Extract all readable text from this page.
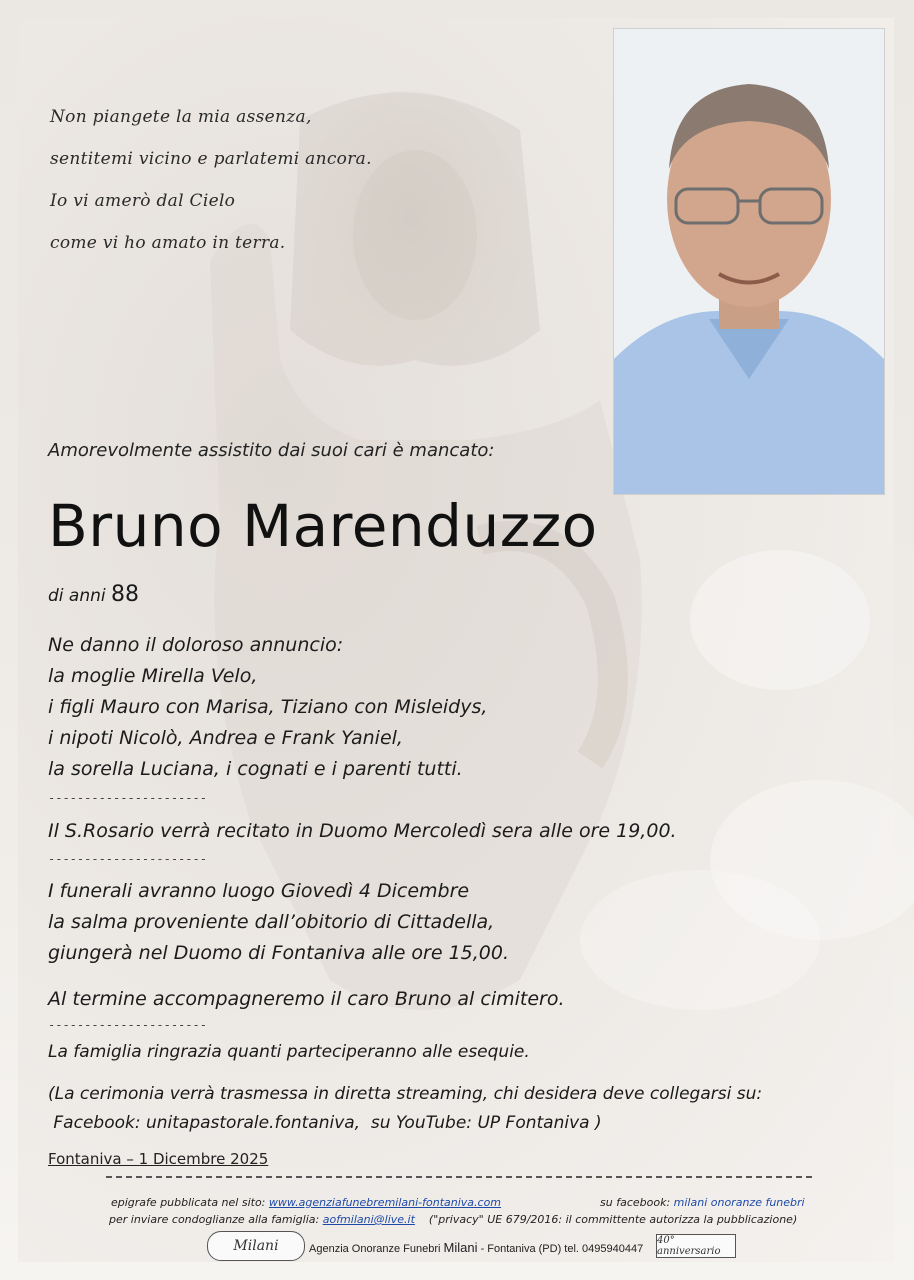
Non piangete la mia assenza,
sentitemi vicino e parlatemi ancora.
Io vi amerò dal Cielo
come vi ho amato in terra.
Amorevolmente assistito dai suoi cari è mancato:
Bruno Marenduzzo
di anni 88
Ne danno il doloroso annuncio:
la moglie Mirella Velo,
i figli Mauro con Marisa, Tiziano con Misleidys,
i nipoti Nicolò, Andrea e Frank Yaniel,
la sorella Luciana, i cognati e i parenti tutti.
----------------------
Il S.Rosario verrà recitato in Duomo Mercoledì sera alle ore 19,00.
----------------------
I funerali avranno luogo Giovedì 4 Dicembre
la salma proveniente dall’obitorio di Cittadella,
giungerà nel Duomo di Fontaniva alle ore 15,00.
Al termine accompagneremo il caro Bruno al cimitero.
----------------------
La famiglia ringrazia quanti parteciperanno alle esequie.
(La cerimonia verrà trasmessa in diretta streaming, chi desidera deve collegarsi su:
Facebook: unitapastorale.fontaniva,  su YouTube: UP Fontaniva )
Fontaniva – 1 Dicembre 2025
epigrafe pubblicata nel sito: www.agenziafunebremilani-fontaniva.com	su facebook: milani onoranze funebri
per inviare condoglianze alla famiglia: aofmilani@live.it ("privacy" UE 679/2016: il committente autorizza la pubblicazione)
Milani	Agenzia Onoranze Funebri Milani - Fontaniva (PD) tel. 0495940447
40° anniversario
